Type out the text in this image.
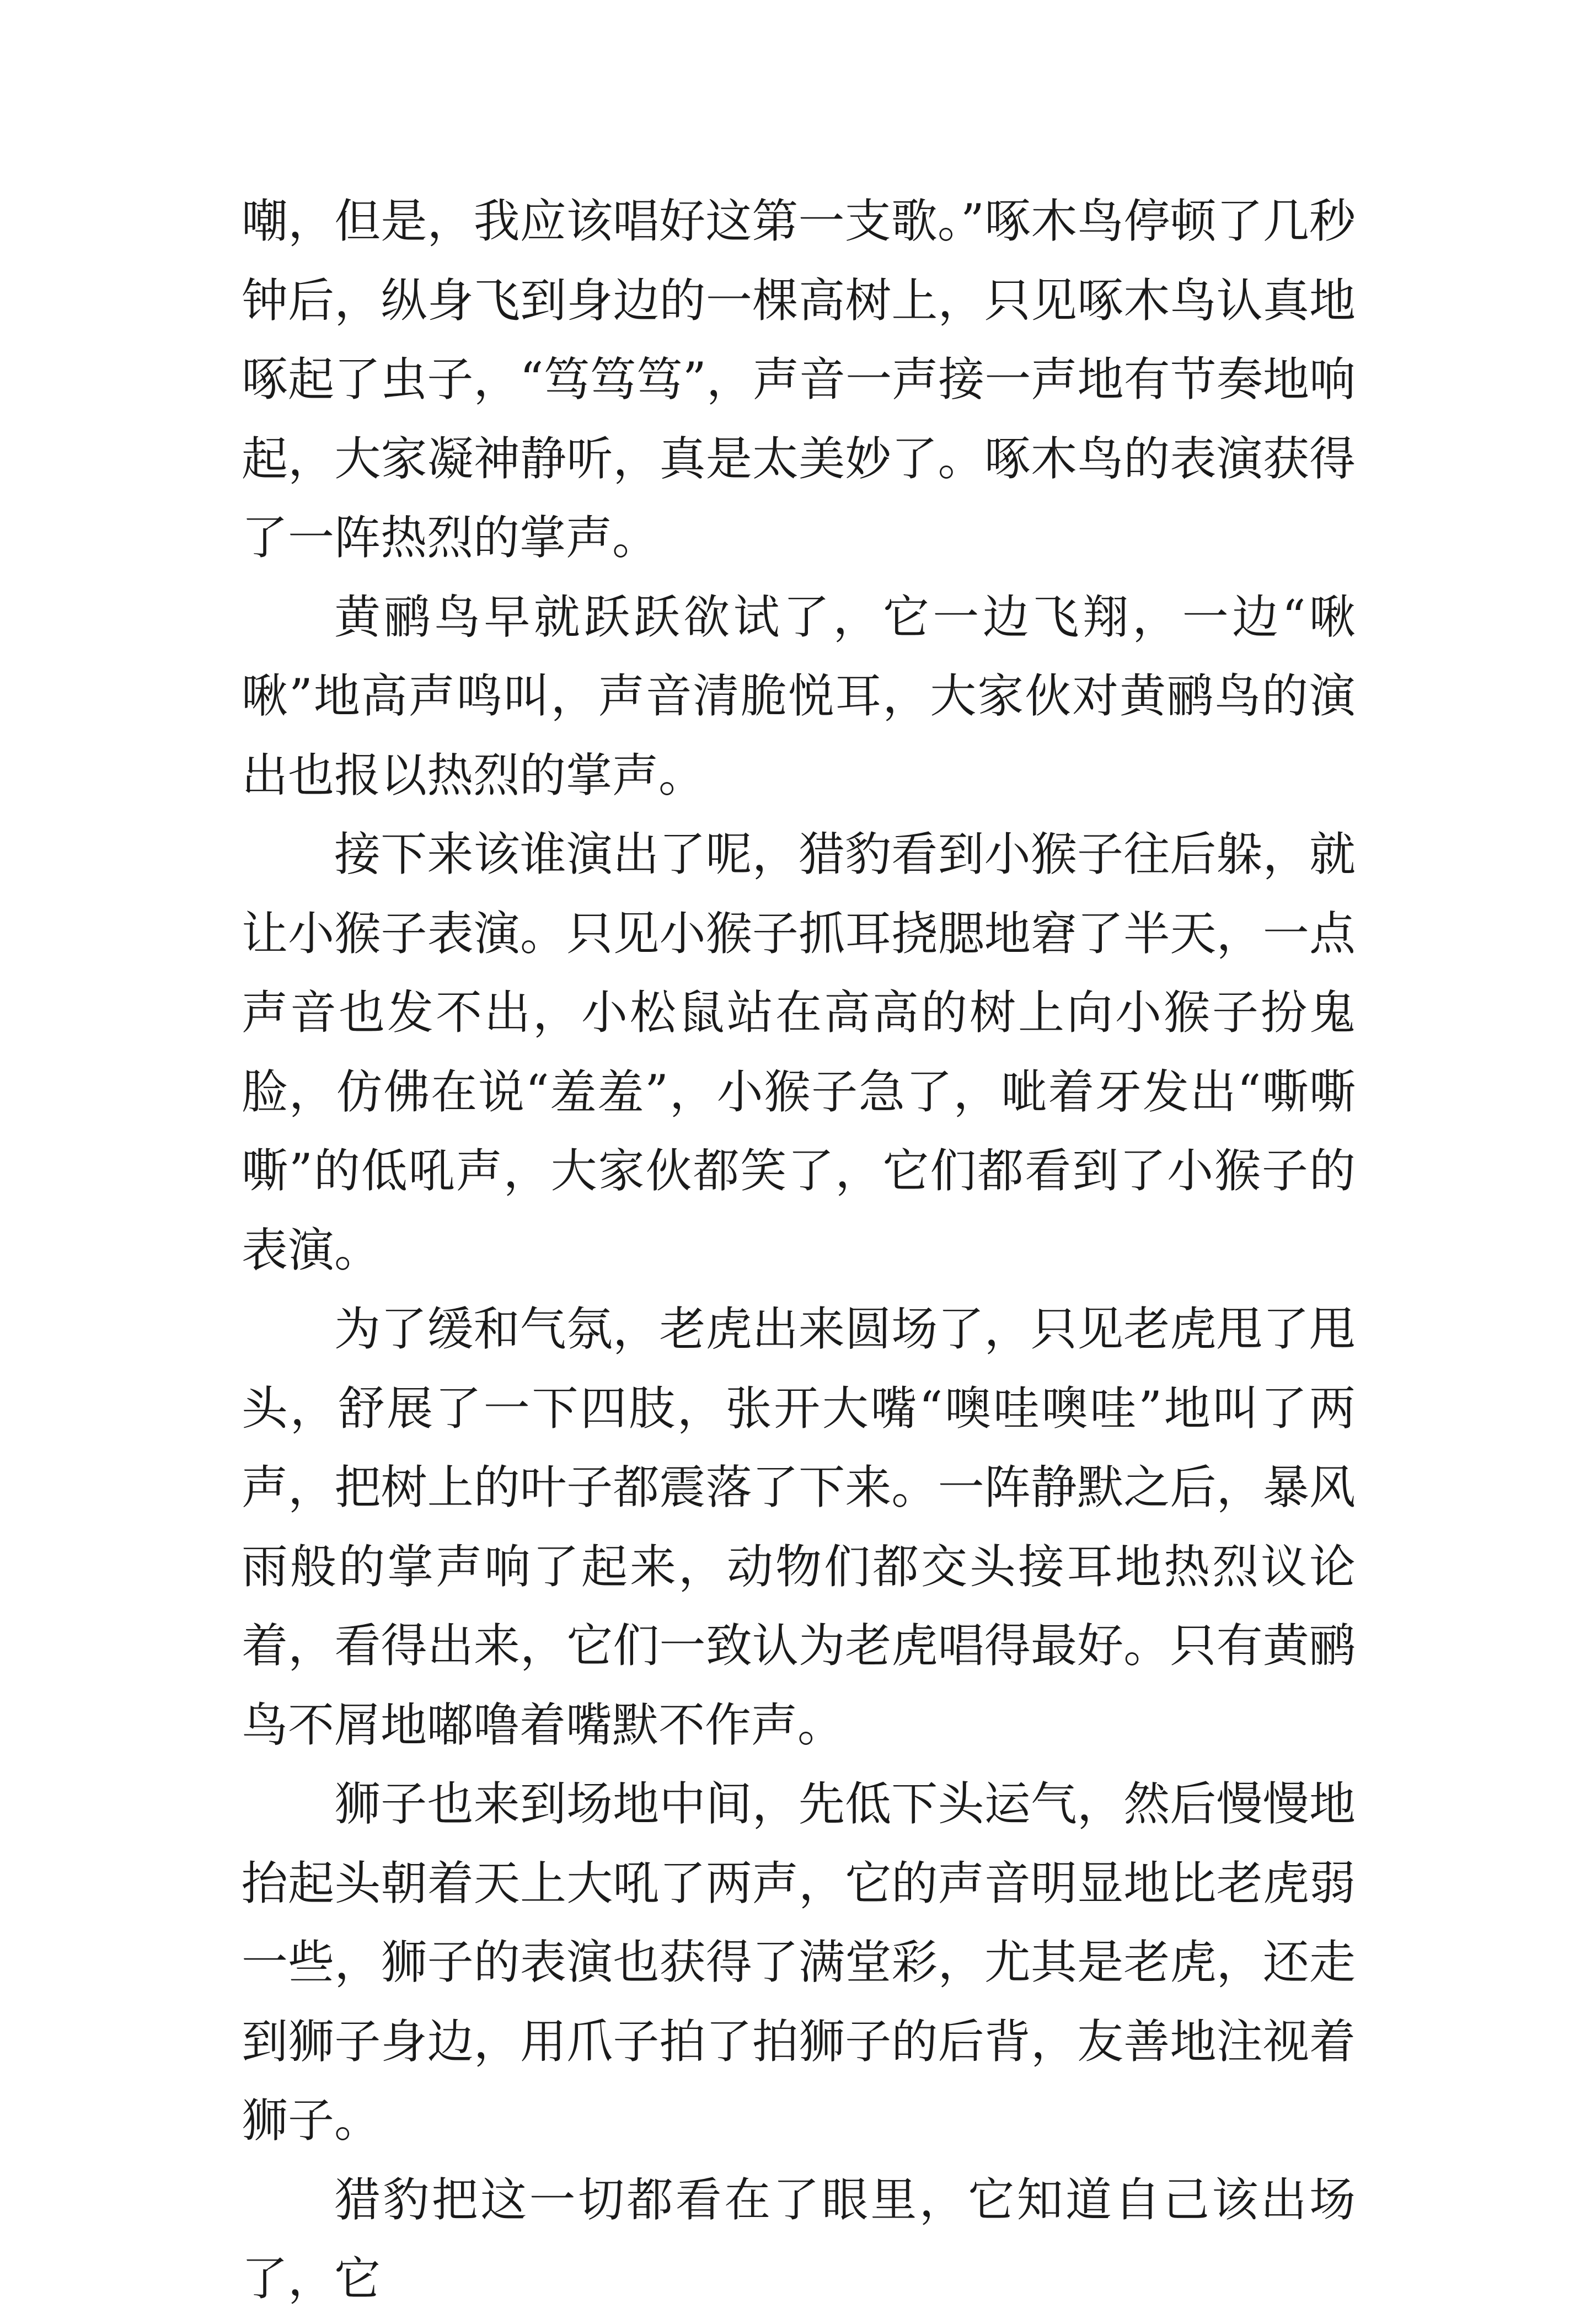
嘲，但是，我应该唱好这第一支歌。”啄木鸟停顿了几秒钟后，纵身飞到身边的一棵高树上，只见啄木鸟认真地啄起了虫子，“笃笃笃”，声音一声接一声地有节奏地响起，大家凝神静听，真是太美妙了。啄木鸟的表演获得了一阵热烈的掌声。

黄鹂鸟早就跃跃欲试了，它一边飞翔，一边“啾啾”地高声鸣叫，声音清脆悦耳，大家伙对黄鹂鸟的演出也报以热烈的掌声。

接下来该谁演出了呢，猎豹看到小猴子往后躲，就让小猴子表演。只见小猴子抓耳挠腮地窘了半天，一点声音也发不出，小松鼠站在高高的树上向小猴子扮鬼脸，仿佛在说“羞羞”，小猴子急了，呲着牙发出“嘶嘶嘶”的低吼声，大家伙都笑了，它们都看到了小猴子的表演。

为了缓和气氛，老虎出来圆场了，只见老虎甩了甩头，舒展了一下四肢，张开大嘴“噢哇噢哇”地叫了两声，把树上的叶子都震落了下来。一阵静默之后，暴风雨般的掌声响了起来，动物们都交头接耳地热烈议论着，看得出来，它们一致认为老虎唱得最好。只有黄鹂鸟不屑地嘟噜着嘴默不作声。

狮子也来到场地中间，先低下头运气，然后慢慢地抬起头朝着天上大吼了两声，它的声音明显地比老虎弱一些，狮子的表演也获得了满堂彩，尤其是老虎，还走到狮子身边，用爪子拍了拍狮子的后背，友善地注视着狮子。

猎豹把这一切都看在了眼里，它知道自己该出场了，它
